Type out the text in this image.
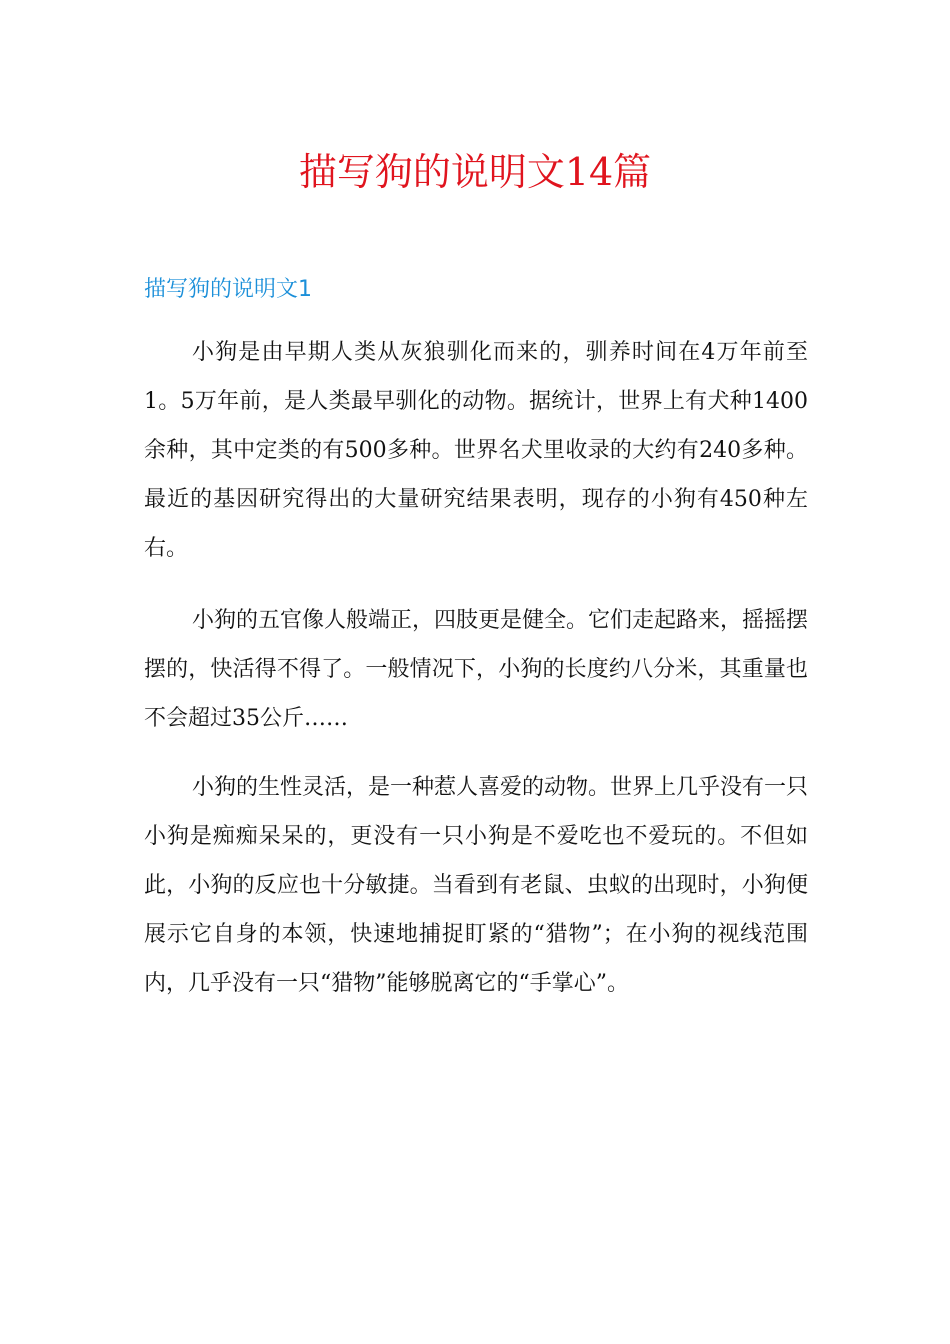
描写狗的说明文14篇
描写狗的说明文1

小狗是由早期人类从灰狼驯化而来的，驯养时间在4万年前至1。5万年前，是人类最早驯化的动物。据统计，世界上有犬种1400余种，其中定类的有500多种。世界名犬里收录的大约有240多种。最近的基因研究得出的大量研究结果表明，现存的小狗有450种左右。

小狗的五官像人般端正，四肢更是健全。它们走起路来，摇摇摆摆的，快活得不得了。一般情况下，小狗的长度约八分米，其重量也不会超过35公斤……

小狗的生性灵活，是一种惹人喜爱的动物。世界上几乎没有一只小狗是痴痴呆呆的，更没有一只小狗是不爱吃也不爱玩的。不但如此，小狗的反应也十分敏捷。当看到有老鼠、虫蚁的出现时，小狗便展示它自身的本领，快速地捕捉盯紧的“猎物”；在小狗的视线范围内，几乎没有一只“猎物”能够脱离它的“手掌心”。
